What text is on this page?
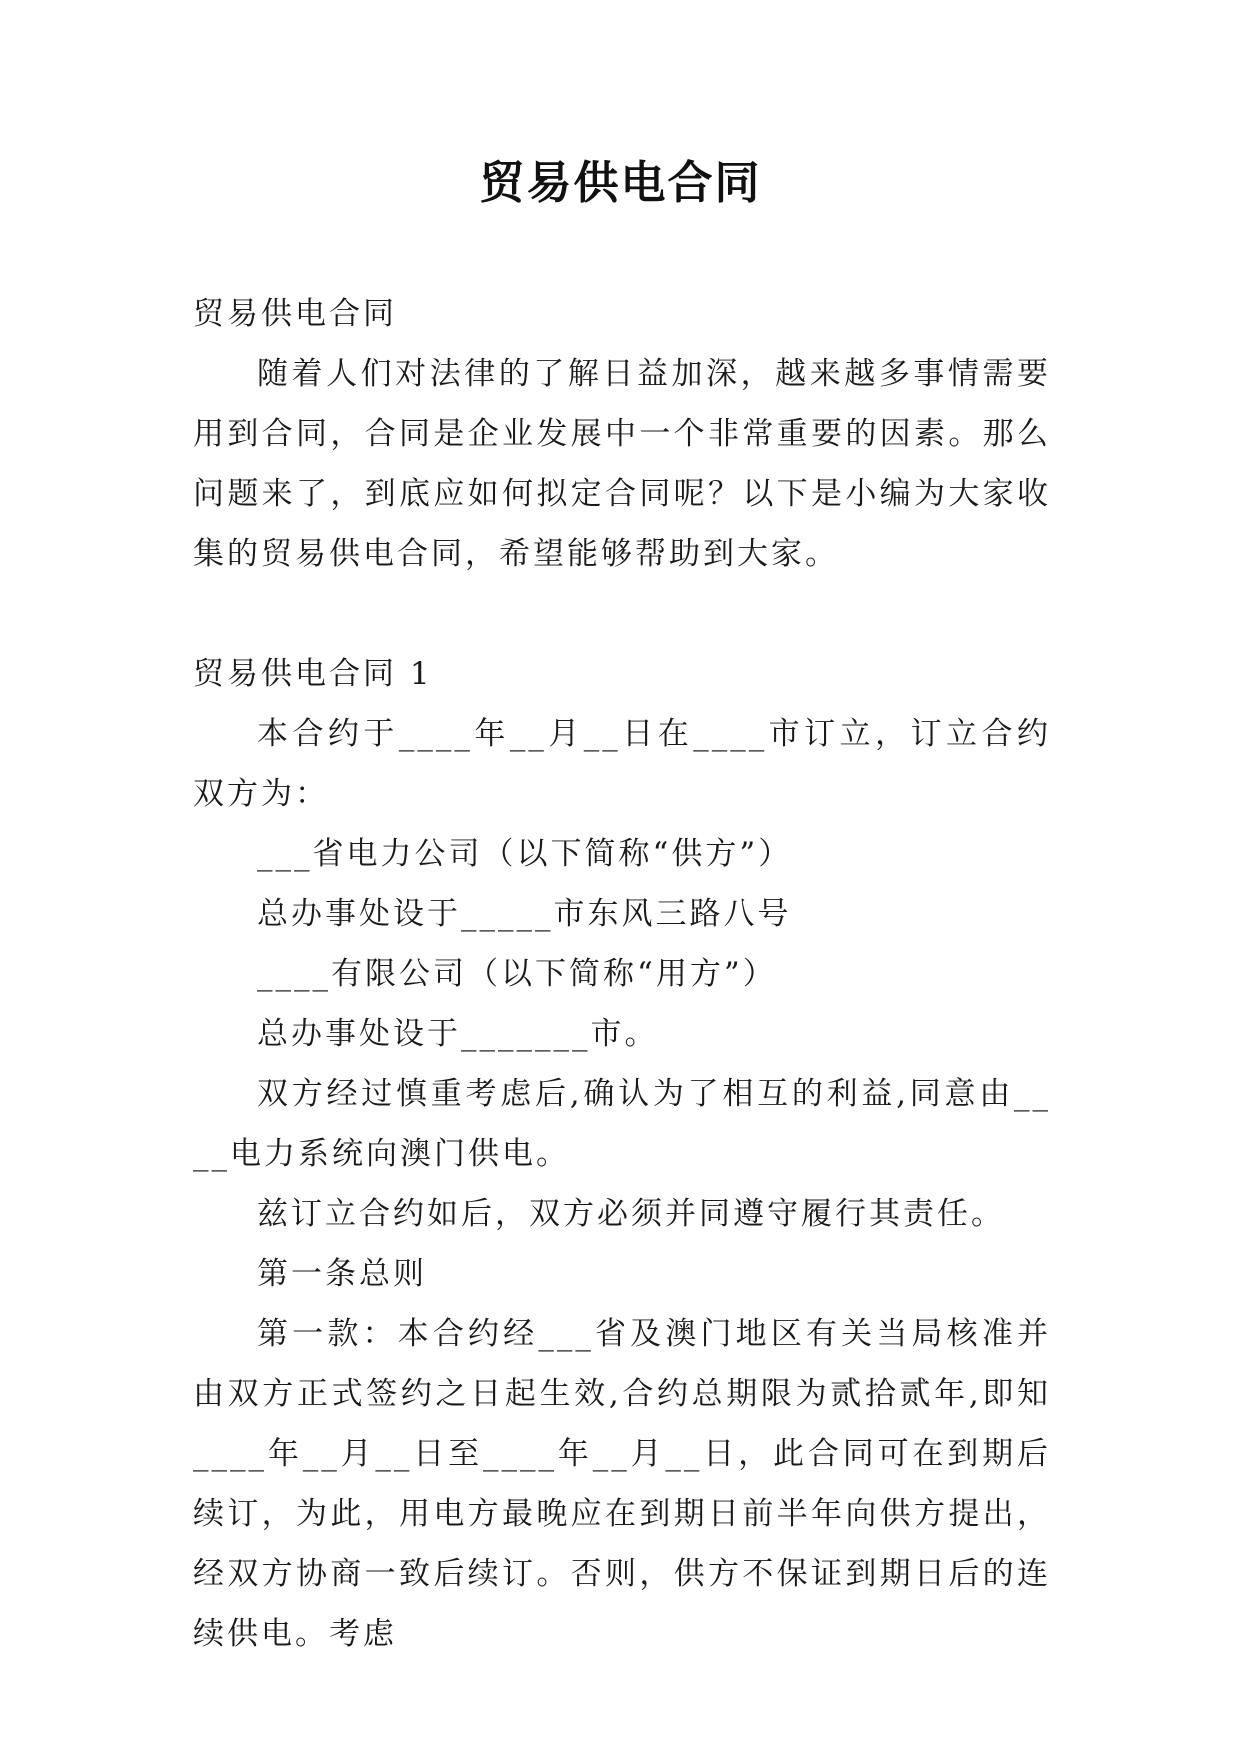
贸易供电合同

贸易供电合同

随着人们对法律的了解日益加深，越来越多事情需要用到合同，合同是企业发展中一个非常重要的因素。那么问题来了，到底应如何拟定合同呢？以下是小编为大家收集的贸易供电合同，希望能够帮助到大家。

贸易供电合同 1

本合约于____年__月__日在____市订立，订立合约双方为：

___省电力公司（以下简称“供方”）

总办事处设于_____市东风三路八号

____有限公司（以下简称“用方”）

总办事处设于_______市。

双方经过慎重考虑后,确认为了相互的利益,同意由____电力系统向澳门供电。

兹订立合约如后，双方必须并同遵守履行其责任。

第一条总则

第一款：本合约经___省及澳门地区有关当局核准并由双方正式签约之日起生效,合约总期限为贰拾贰年,即知____年__月__日至____年__月__日，此合同可在到期后续订，为此，用电方最晚应在到期日前半年向供方提出，经双方协商一致后续订。否则，供方不保证到期日后的连续供电。考虑
